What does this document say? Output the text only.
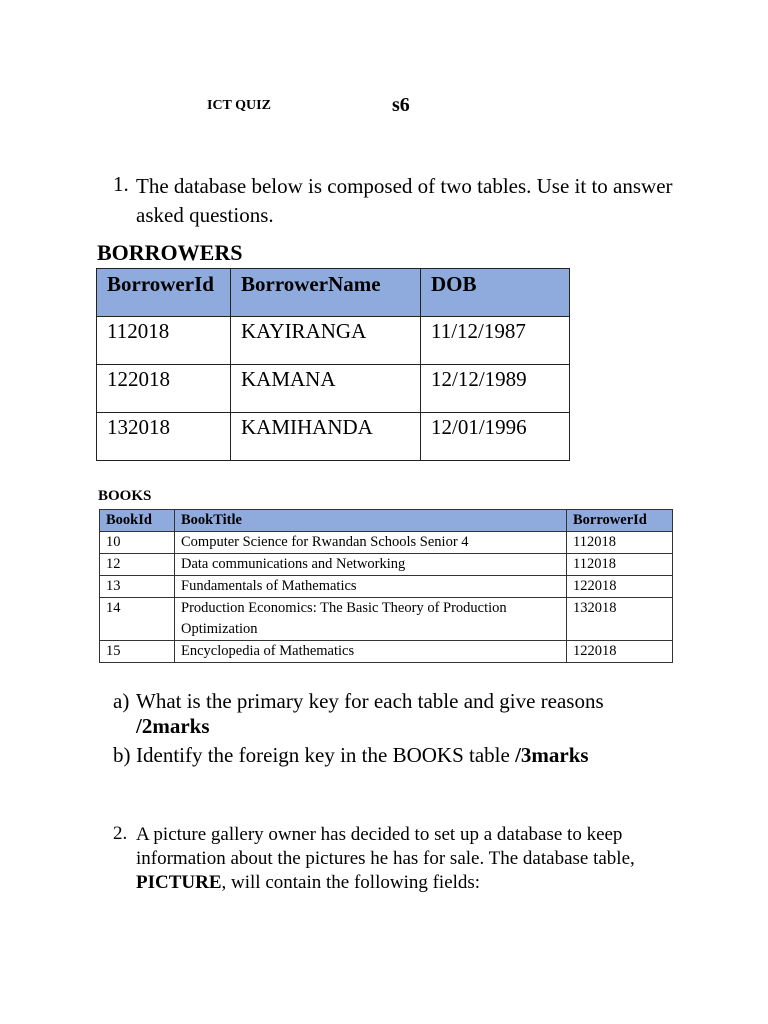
ICT QUIZ	s6
1. The database below is composed of two tables. Use it to answer asked questions.
BORROWERS
BorrowerId	BorrowerName	DOB
112018	KAYIRANGA	11/12/1987
122018	KAMANA	12/12/1989
132018	KAMIHANDA	12/01/1996
BOOKS
BookId	BookTitle	BorrowerId
10	Computer Science for Rwandan Schools Senior 4	112018
12	Data communications and Networking	112018
13	Fundamentals of Mathematics	122018
14	Production Economics: The Basic Theory of Production Optimization	132018
15	Encyclopedia of Mathematics	122018
a) What is the primary key for each table and give reasons
/2marks
b) Identify the foreign key in the BOOKS table /3marks
2. A picture gallery owner has decided to set up a database to keep information about the pictures he has for sale. The database table, PICTURE, will contain the following fields:
